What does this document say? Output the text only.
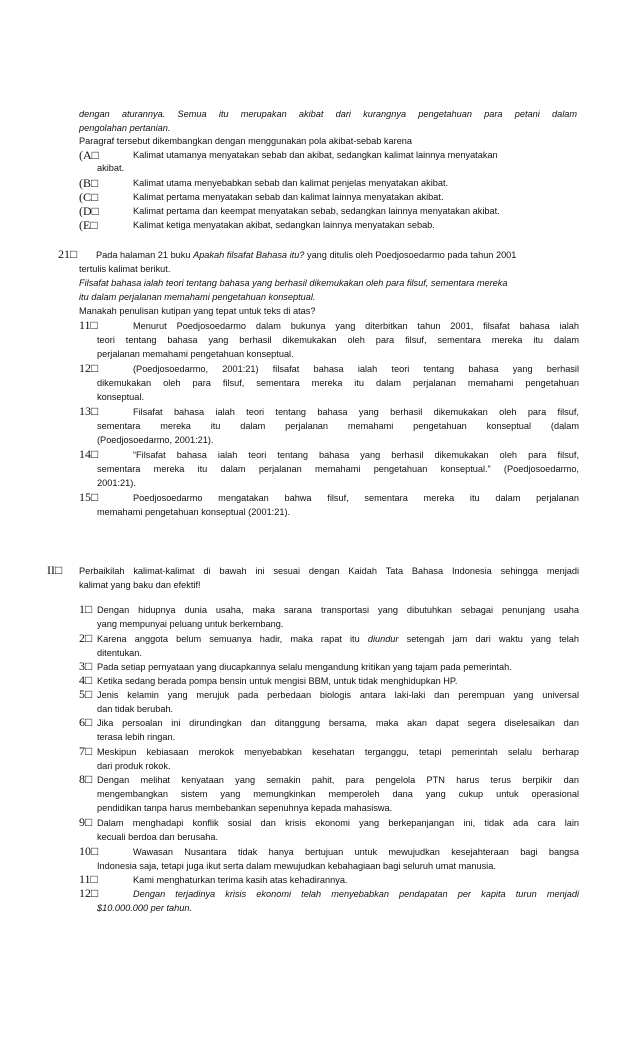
dengan aturannya. Semua itu merupakan akibat dari kurangnya pengetahuan para petani dalam
pengolahan pertanian.
Paragraf tersebut dikembangkan dengan menggunakan pola akibat-sebab karena
(A□	Kalimat utamanya menyatakan sebab dan akibat, sedangkan kalimat lainnya menyatakan
akibat.
(B□	Kalimat utama menyebabkan sebab dan kalimat penjelas menyatakan akibat.
(C□	Kalimat pertama menyatakan sebab dan kalimat lainnya menyatakan akibat.
(D□	Kalimat pertama dan keempat menyatakan sebab, sedangkan lainnya menyatakan akibat.
(E□	Kalimat ketiga menyatakan akibat, sedangkan lainnya menyatakan sebab.
21□ Pada halaman 21 buku Apakah filsafat Bahasa itu? yang ditulis oleh Poedjosoedarmo pada tahun 2001
tertulis kalimat berikut.
Filsafat bahasa ialah teori tentang bahasa yang berhasil dikemukakan oleh para filsuf, sementara mereka
itu dalam perjalanan memahami pengetahuan konseptual.
Manakah penulisan kutipan yang tepat untuk teks di atas?
11□	Menurut Poedjosoedarmo dalam bukunya yang diterbitkan tahun 2001, filsafat bahasa ialah
teori tentang bahasa yang berhasil dikemukakan oleh para filsuf, sementara mereka itu dalam
perjalanan memahami pengetahuan konseptual.
12□	(Poedjosoedarmo, 2001:21) filsafat bahasa ialah teori tentang bahasa yang berhasil
dikemukakan oleh para filsuf, sementara mereka itu dalam perjalanan memahami pengetahuan
konseptual.
13□	Filsafat bahasa ialah teori tentang bahasa yang berhasil dikemukakan oleh para filsuf,
sementara mereka itu dalam perjalanan memahami pengetahuan konseptual (dalam
(Poedjosoedarmo, 2001:21).
14□	“Filsafat bahasa ialah teori tentang bahasa yang berhasil dikemukakan oleh para filsuf,
sementara mereka itu dalam perjalanan memahami pengetahuan konseptual.” (Poedjosoedarmo,
2001:21).
15□	Poedjosoedarmo mengatakan bahwa filsuf, sementara mereka itu dalam perjalanan
memahami pengetahuan konseptual (2001:21).
II□ Perbaikilah kalimat-kalimat di bawah ini sesuai dengan Kaidah Tata Bahasa Indonesia sehingga menjadi
kalimat yang baku dan efektif!
1□ Dengan hidupnya dunia usaha, maka sarana transportasi yang dibutuhkan sebagai penunjang usaha
yang mempunyai peluang untuk berkembang.
2□ Karena anggota belum semuanya hadir, maka rapat itu diundur setengah jam dari waktu yang telah
ditentukan.
3□ Pada setiap pernyataan yang diucapkannya selalu mengandung kritikan yang tajam pada pemerintah.
4□ Ketika sedang berada pompa bensin untuk mengisi BBM, untuk tidak menghidupkan HP.
5□ Jenis kelamin yang merujuk pada perbedaan biologis antara laki-laki dan perempuan yang universal
dan tidak berubah.
6□ Jika persoalan ini dirundingkan dan ditanggung bersama, maka akan dapat segera diselesaikan dan
terasa lebih ringan.
7□ Meskipun kebiasaan merokok menyebabkan kesehatan terganggu, tetapi pemerintah selalu berharap
dari produk rokok.
8□ Dengan melihat kenyataan yang semakin pahit, para pengelola PTN harus terus berpikir dan
mengembangkan sistem yang memungkinkan memperoleh dana yang cukup untuk operasional
pendidikan tanpa harus membebankan sepenuhnya kepada mahasiswa.
9□ Dalam menghadapi konflik sosial dan krisis ekonomi yang berkepanjangan ini, tidak ada cara lain
kecuali berdoa dan berusaha.
10□	Wawasan Nusantara tidak hanya bertujuan untuk mewujudkan kesejahteraan bagi bangsa
Indonesia saja, tetapi juga ikut serta dalam mewujudkan kebahagiaan bagi seluruh umat manusia.
11□	Kami menghaturkan terima kasih atas kehadirannya.
12□	Dengan terjadinya krisis ekonomi telah menyebabkan pendapatan per kapita turun menjadi
$10.000.000 per tahun.
